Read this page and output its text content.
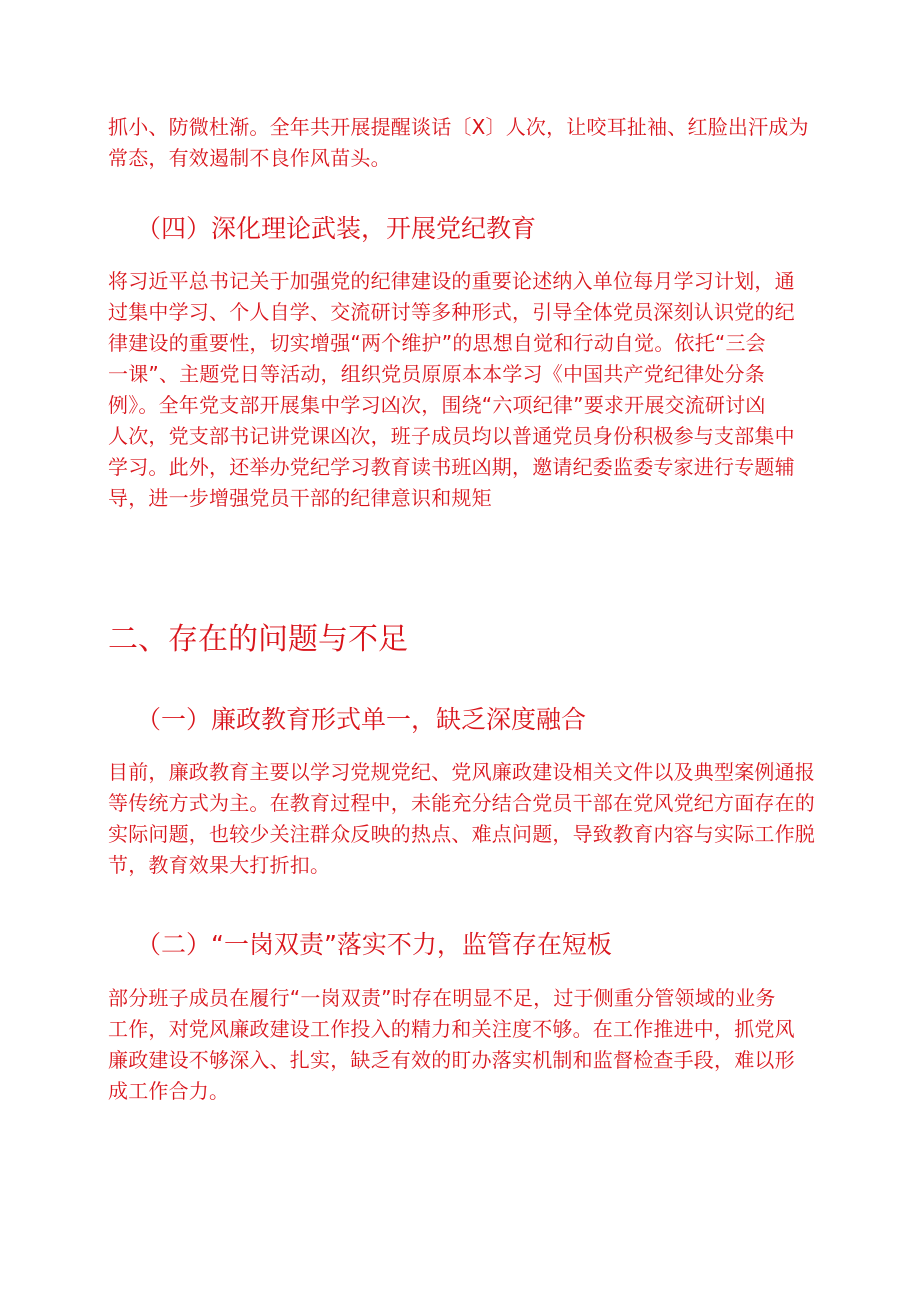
抓小、防微杜渐。全年共开展提醒谈话〔X〕人次，让咬耳扯袖、红脸出汗成为
常态，有效遏制不良作风苗头。

（四）深化理论武装，开展党纪教育

将习近平总书记关于加强党的纪律建设的重要论述纳入单位每月学习计划，通
过集中学习、个人自学、交流研讨等多种形式，引导全体党员深刻认识党的纪
律建设的重要性，切实增强“两个维护”的思想自觉和行动自觉。依托“三会
一课”、主题党日等活动，组织党员原原本本学习《中国共产党纪律处分条
例》。全年党支部开展集中学习凶次，围绕“六项纪律”要求开展交流研讨凶
人次，党支部书记讲党课凶次，班子成员均以普通党员身份积极参与支部集中
学习。此外，还举办党纪学习教育读书班凶期，邀请纪委监委专家进行专题辅
导，进一步增强党员干部的纪律意识和规矩

二、存在的问题与不足
（一）廉政教育形式单一，缺乏深度融合

目前，廉政教育主要以学习党规党纪、党风廉政建设相关文件以及典型案例通报
等传统方式为主。在教育过程中，未能充分结合党员干部在党风党纪方面存在的
实际问题，也较少关注群众反映的热点、难点问题，导致教育内容与实际工作脱
节，教育效果大打折扣。

（二）“一岗双责”落实不力，监管存在短板

部分班子成员在履行“一岗双责”时存在明显不足，过于侧重分管领域的业务
工作，对党风廉政建设工作投入的精力和关注度不够。在工作推进中，抓党风
廉政建设不够深入、扎实，缺乏有效的盯办落实机制和监督检查手段，难以形
成工作合力。
